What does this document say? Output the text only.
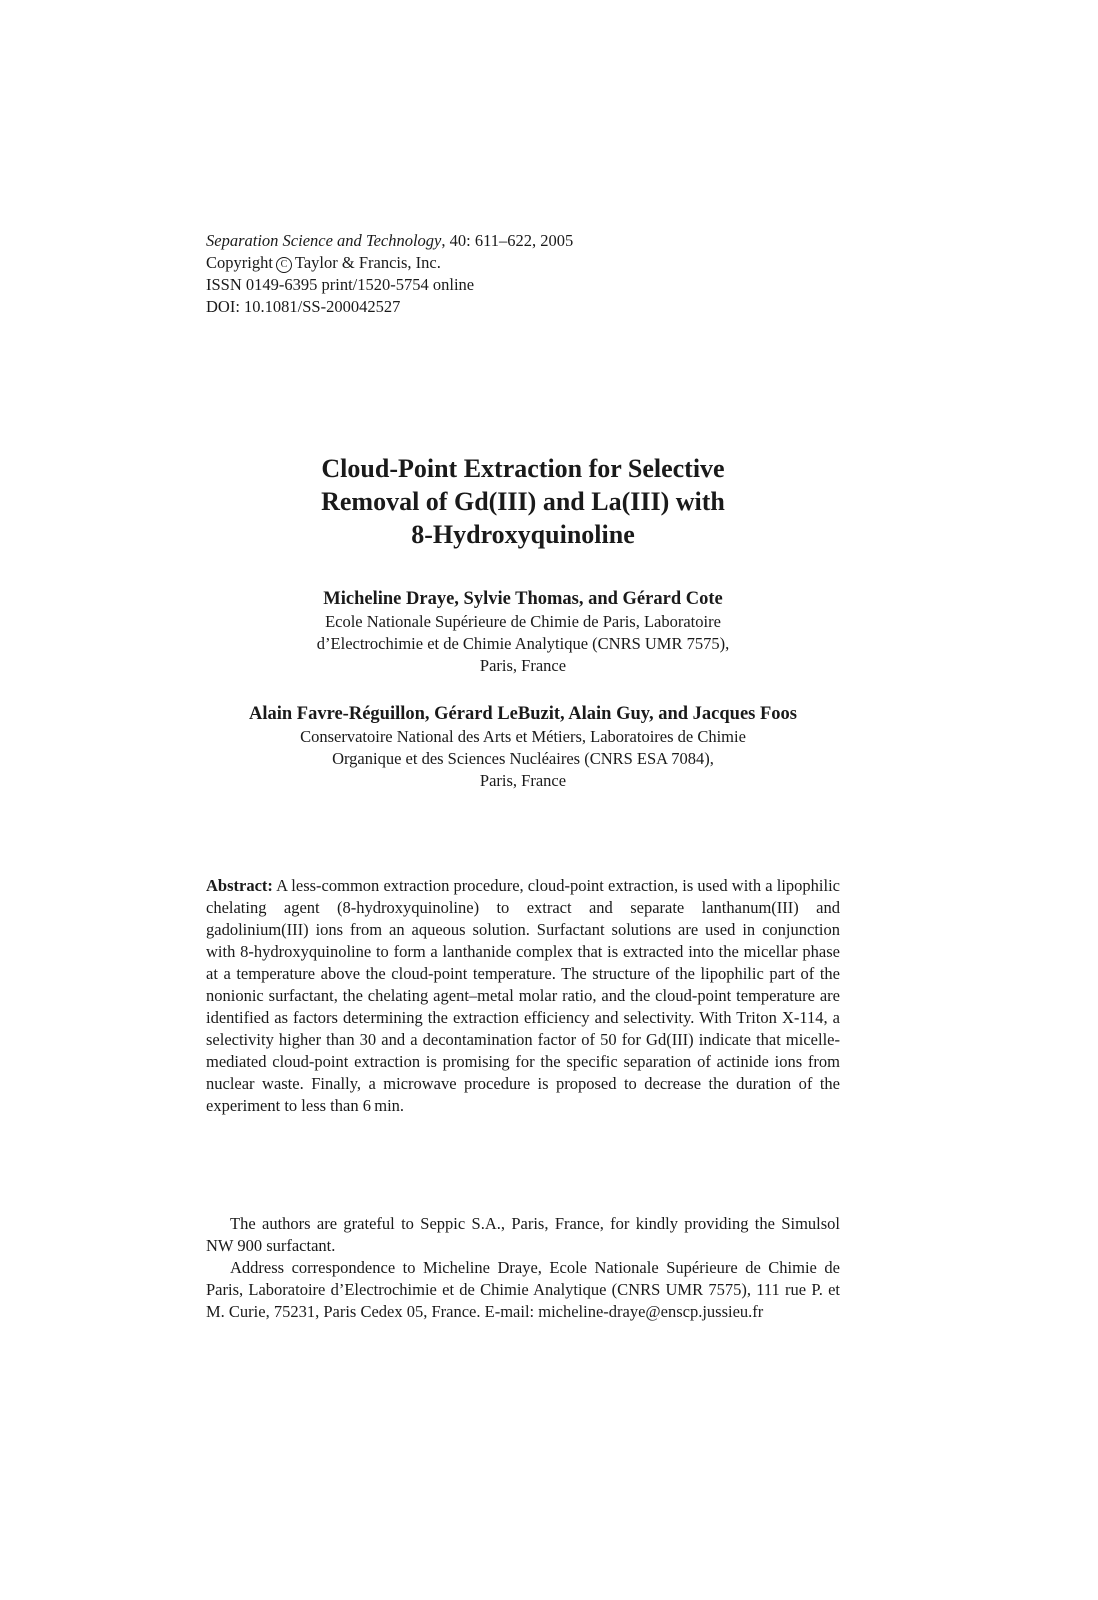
Separation Science and Technology, 40: 611–622, 2005
Copyright C Taylor & Francis, Inc.
ISSN 0149-6395 print/1520-5754 online
DOI: 10.1081/SS-200042527
Cloud-Point Extraction for Selective
Removal of Gd(III) and La(III) with
8-Hydroxyquinoline
Micheline Draye, Sylvie Thomas, and Gérard Cote
Ecole Nationale Supérieure de Chimie de Paris, Laboratoire
d’Electrochimie et de Chimie Analytique (CNRS UMR 7575),
Paris, France
Alain Favre-Réguillon, Gérard LeBuzit, Alain Guy, and Jacques Foos
Conservatoire National des Arts et Métiers, Laboratoires de Chimie
Organique et des Sciences Nucléaires (CNRS ESA 7084),
Paris, France
Abstract: A less-common extraction procedure, cloud-point extraction, is used with a lipophilic chelating agent (8-hydroxyquinoline) to extract and separate lanthanum(III) and gadolinium(III) ions from an aqueous solution. Surfactant solutions are used in conjunction with 8-hydroxyquinoline to form a lanthanide complex that is extracted into the micellar phase at a temperature above the cloud-point temperature. The structure of the lipophilic part of the nonionic surfactant, the chelating agent–metal molar ratio, and the cloud-point temperature are identified as factors determining the extraction efficiency and selectivity. With Triton X-114, a selectivity higher than 30 and a decontamination factor of 50 for Gd(III) indicate that micelle-mediated cloud-point extraction is promising for the specific separation of actinide ions from nuclear waste. Finally, a microwave procedure is proposed to decrease the duration of the experiment to less than 6 min.

The authors are grateful to Seppic S.A., Paris, France, for kindly providing the Simulsol NW 900 surfactant.

Address correspondence to Micheline Draye, Ecole Nationale Supérieure de Chimie de Paris, Laboratoire d’Electrochimie et de Chimie Analytique (CNRS UMR 7575), 111 rue P. et M. Curie, 75231, Paris Cedex 05, France. E-mail: micheline-draye@enscp.jussieu.fr
